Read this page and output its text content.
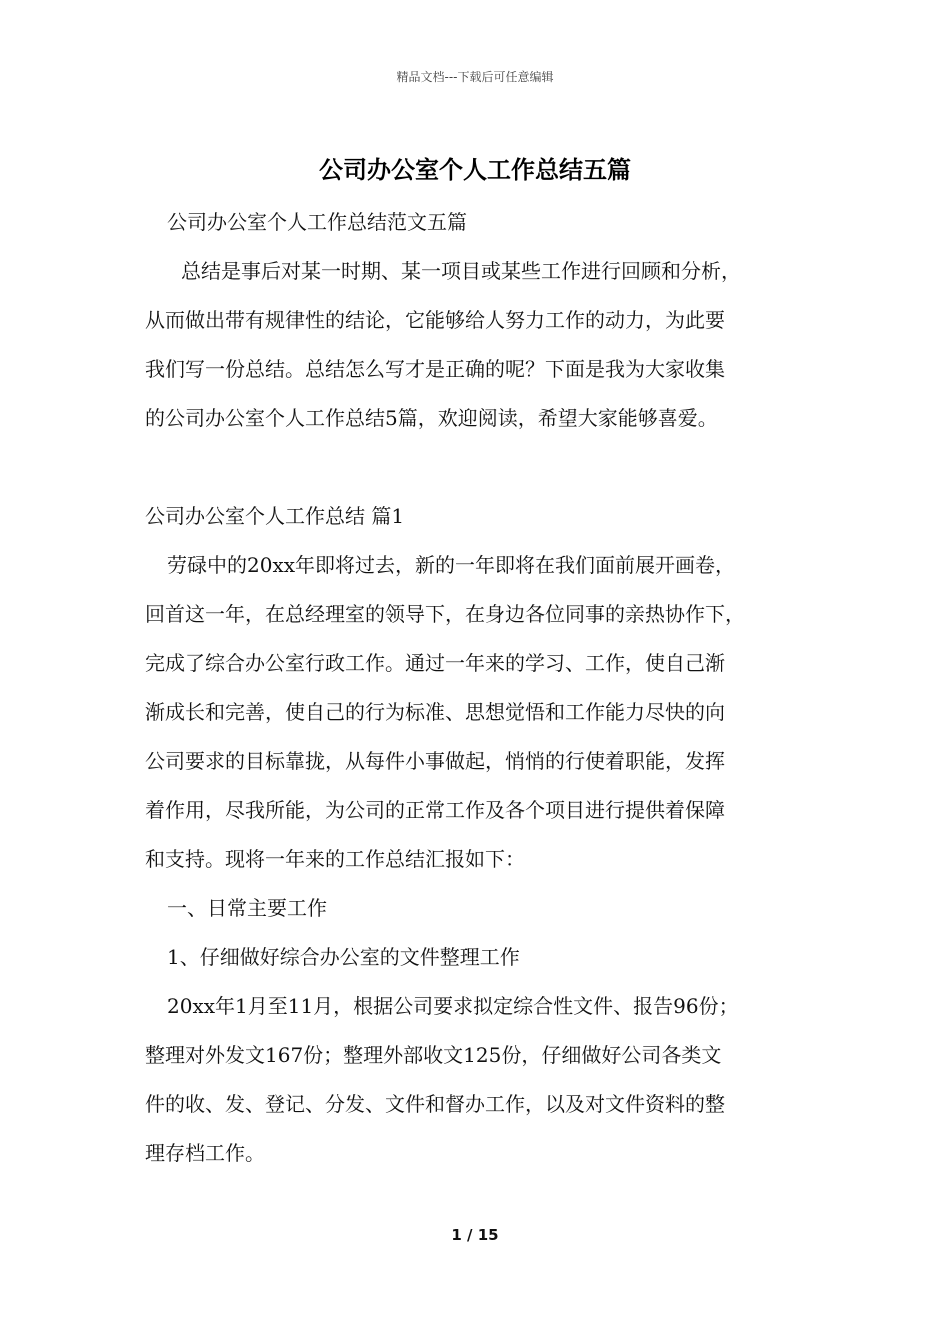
精品文档---下载后可任意编辑
公司办公室个人工作总结五篇
公司办公室个人工作总结范文五篇
总结是事后对某一时期、某一项目或某些工作进行回顾和分析，
从而做出带有规律性的结论，它能够给人努力工作的动力，为此要
我们写一份总结。总结怎么写才是正确的呢？下面是我为大家收集
的公司办公室个人工作总结5篇，欢迎阅读，希望大家能够喜爱。
公司办公室个人工作总结 篇1
劳碌中的20xx年即将过去，新的一年即将在我们面前展开画卷，
回首这一年，在总经理室的领导下，在身边各位同事的亲热协作下，
完成了综合办公室行政工作。通过一年来的学习、工作，使自己渐
渐成长和完善，使自己的行为标准、思想觉悟和工作能力尽快的向
公司要求的目标靠拢，从每件小事做起，悄悄的行使着职能，发挥
着作用，尽我所能，为公司的正常工作及各个项目进行提供着保障
和支持。现将一年来的工作总结汇报如下：
一、日常主要工作
1、仔细做好综合办公室的文件整理工作
20xx年1月至11月，根据公司要求拟定综合性文件、报告96份；
整理对外发文167份；整理外部收文125份，仔细做好公司各类文
件的收、发、登记、分发、文件和督办工作，以及对文件资料的整
理存档工作。
1 / 15
